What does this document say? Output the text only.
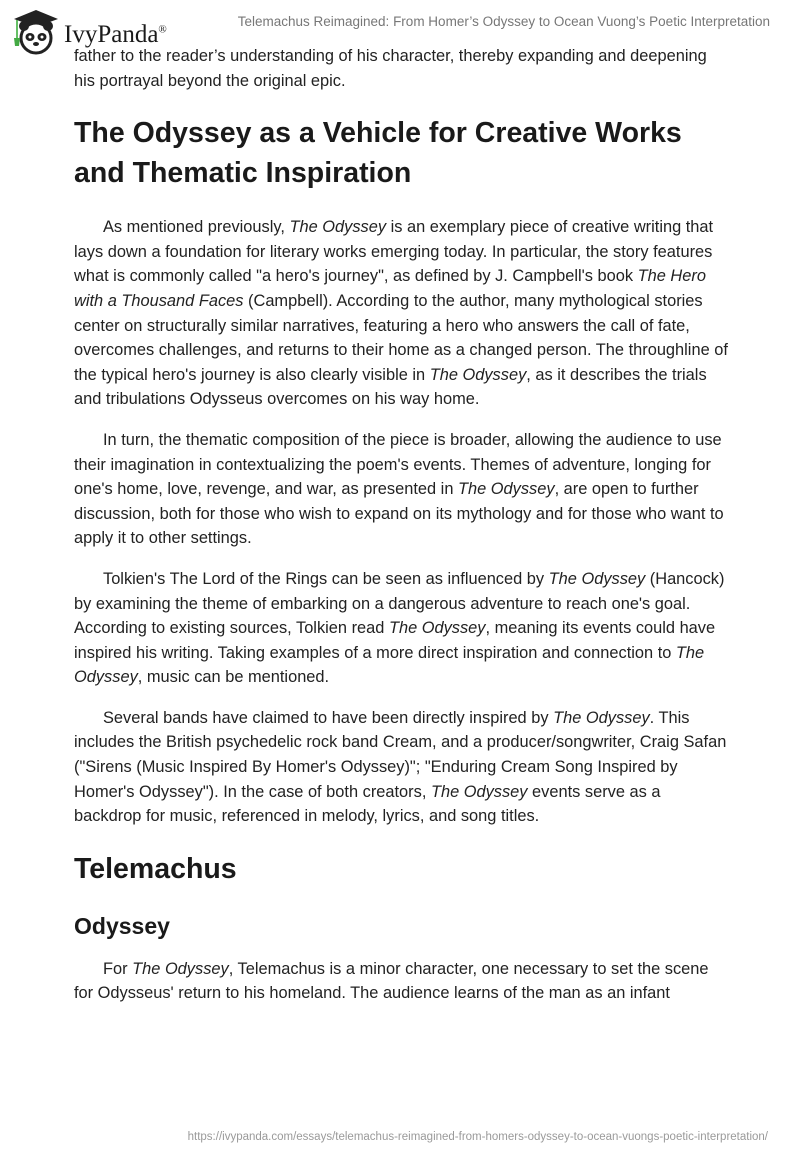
IvyPanda®
Telemachus Reimagined: From Homer’s Odyssey to Ocean Vuong’s Poetic Interpretation

father to the reader’s understanding of his character, thereby expanding and deepening his portrayal beyond the original epic.

The Odyssey as a Vehicle for Creative Works and Thematic Inspiration

As mentioned previously, The Odyssey is an exemplary piece of creative writing that lays down a foundation for literary works emerging today. In particular, the story features what is commonly called "a hero's journey", as defined by J. Campbell's book The Hero with a Thousand Faces (Campbell). According to the author, many mythological stories center on structurally similar narratives, featuring a hero who answers the call of fate, overcomes challenges, and returns to their home as a changed person. The throughline of the typical hero's journey is also clearly visible in The Odyssey, as it describes the trials and tribulations Odysseus overcomes on his way home.

In turn, the thematic composition of the piece is broader, allowing the audience to use their imagination in contextualizing the poem's events. Themes of adventure, longing for one's home, love, revenge, and war, as presented in The Odyssey, are open to further discussion, both for those who wish to expand on its mythology and for those who want to apply it to other settings.

Tolkien's The Lord of the Rings can be seen as influenced by The Odyssey (Hancock) by examining the theme of embarking on a dangerous adventure to reach one's goal. According to existing sources, Tolkien read The Odyssey, meaning its events could have inspired his writing. Taking examples of a more direct inspiration and connection to The Odyssey, music can be mentioned.

Several bands have claimed to have been directly inspired by The Odyssey. This includes the British psychedelic rock band Cream, and a producer/songwriter, Craig Safan ("Sirens (Music Inspired By Homer's Odyssey)"; "Enduring Cream Song Inspired by Homer's Odyssey"). In the case of both creators, The Odyssey events serve as a backdrop for music, referenced in melody, lyrics, and song titles.

Telemachus
Odyssey

For The Odyssey, Telemachus is a minor character, one necessary to set the scene for Odysseus' return to his homeland. The audience learns of the man as an infant

https://ivypanda.com/essays/telemachus-reimagined-from-homers-odyssey-to-ocean-vuongs-poetic-interpretation/
